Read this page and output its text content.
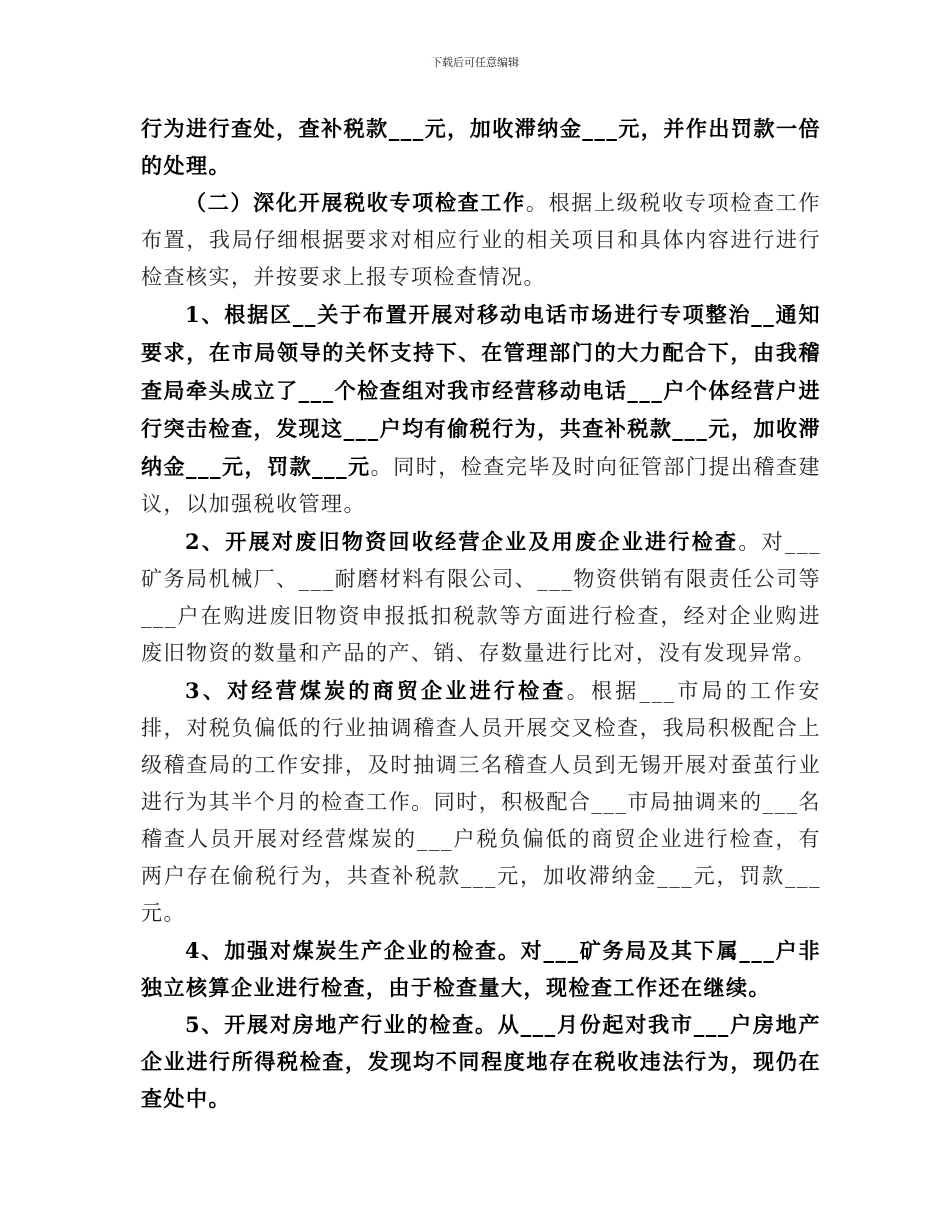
下载后可任意编辑

行为进行查处，查补税款___元，加收滞纳金___元，并作出罚款一倍的处理。

（二）深化开展税收专项检查工作。根据上级税收专项检查工作布置，我局仔细根据要求对相应行业的相关项目和具体内容进行进行检查核实，并按要求上报专项检查情况。

1、根据区__关于布置开展对移动电话市场进行专项整治__通知要求，在市局领导的关怀支持下、在管理部门的大力配合下，由我稽查局牵头成立了___个检查组对我市经营移动电话___户个体经营户进行突击检查，发现这___户均有偷税行为，共查补税款___元，加收滞纳金___元，罚款___元。同时，检查完毕及时向征管部门提出稽查建议，以加强税收管理。

2、开展对废旧物资回收经营企业及用废企业进行检查。对___矿务局机械厂、___耐磨材料有限公司、___物资供销有限责任公司等___户在购进废旧物资申报抵扣税款等方面进行检查，经对企业购进废旧物资的数量和产品的产、销、存数量进行比对，没有发现异常。

3、对经营煤炭的商贸企业进行检查。根据___市局的工作安排，对税负偏低的行业抽调稽查人员开展交叉检查，我局积极配合上级稽查局的工作安排，及时抽调三名稽查人员到无锡开展对蚕茧行业进行为其半个月的检查工作。同时，积极配合___市局抽调来的___名稽查人员开展对经营煤炭的___户税负偏低的商贸企业进行检查，有两户存在偷税行为，共查补税款___元，加收滞纳金___元，罚款___元。

4、加强对煤炭生产企业的检查。对___矿务局及其下属___户非独立核算企业进行检查，由于检查量大，现检查工作还在继续。

5、开展对房地产行业的检查。从___月份起对我市___户房地产企业进行所得税检查，发现均不同程度地存在税收违法行为，现仍在查处中。
